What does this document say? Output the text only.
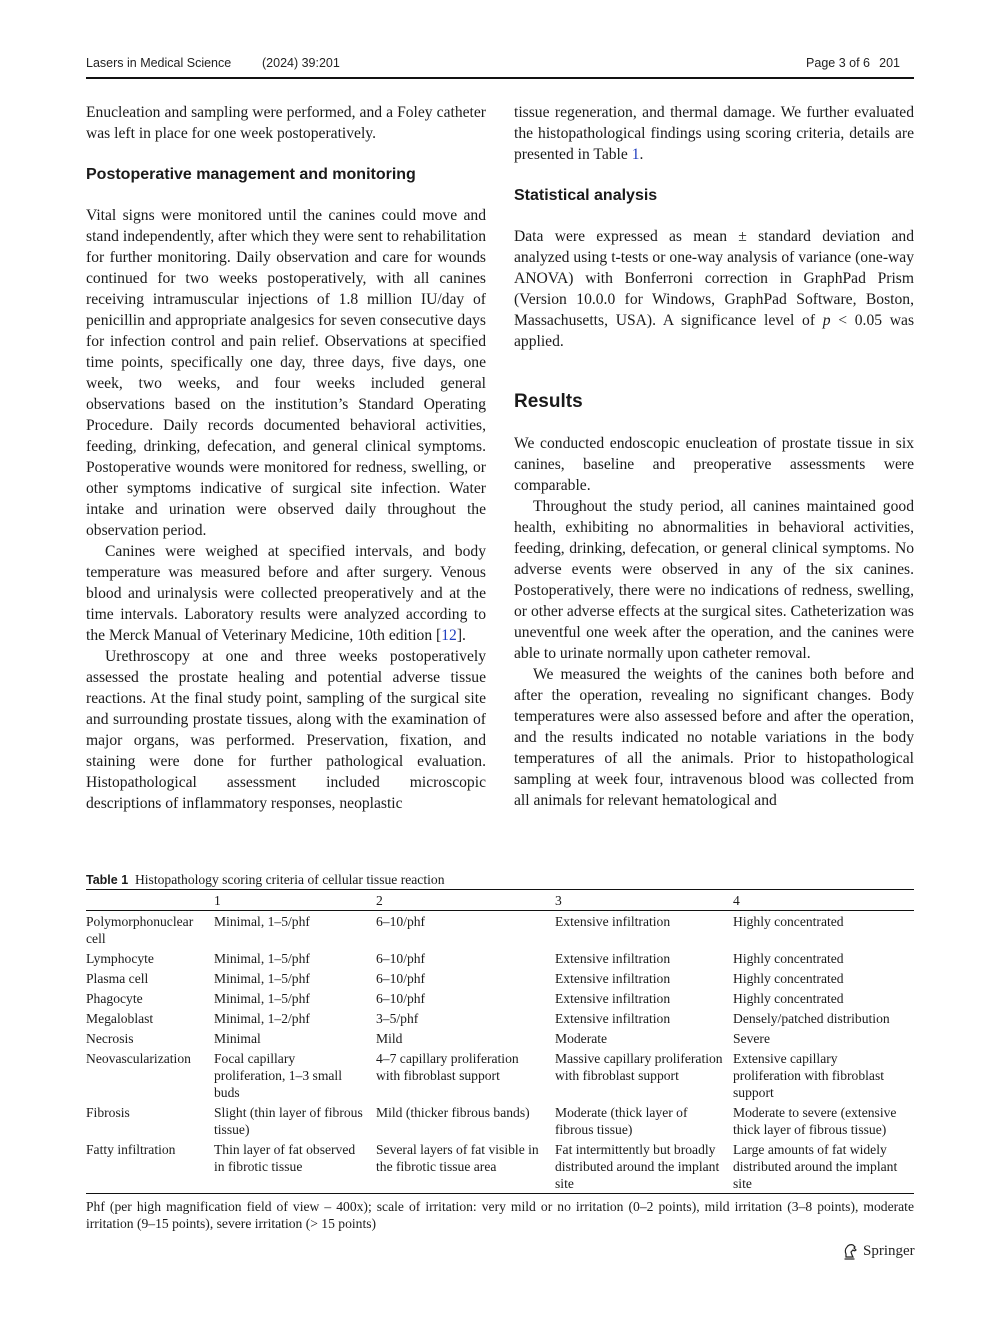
Lasers in Medical Science (2024) 39:201	Page 3 of 6 201

Enucleation and sampling were performed, and a Foley catheter was left in place for one week postoperatively.

Postoperative management and monitoring

Vital signs were monitored until the canines could move and stand independently, after which they were sent to rehabilitation for further monitoring. Daily observation and care for wounds continued for two weeks postoperatively, with all canines receiving intramuscular injections of 1.8 million IU/day of penicillin and appropriate analgesics for seven consecutive days for infection control and pain relief. Observations at specified time points, specifically one day, three days, five days, one week, two weeks, and four weeks included general observations based on the institution’s Standard Operating Procedure. Daily records documented behavioral activities, feeding, drinking, defecation, and general clinical symptoms. Postoperative wounds were monitored for redness, swelling, or other symptoms indicative of surgical site infection. Water intake and urination were observed daily throughout the observation period.

Canines were weighed at specified intervals, and body temperature was measured before and after surgery. Venous blood and urinalysis were collected preoperatively and at the time intervals. Laboratory results were analyzed according to the Merck Manual of Veterinary Medicine, 10th edition [12].

Urethroscopy at one and three weeks postoperatively assessed the prostate healing and potential adverse tissue reactions. At the final study point, sampling of the surgical site and surrounding prostate tissues, along with the examination of major organs, was performed. Preservation, fixation, and staining were done for further pathological evaluation. Histopathological assessment included microscopic descriptions of inflammatory responses, neoplastic

tissue regeneration, and thermal damage. We further evaluated the histopathological findings using scoring criteria, details are presented in Table 1.

Statistical analysis

Data were expressed as mean ± standard deviation and analyzed using t-tests or one-way analysis of variance (one-way ANOVA) with Bonferroni correction in GraphPad Prism (Version 10.0.0 for Windows, GraphPad Software, Boston, Massachusetts, USA). A significance level of p < 0.05 was applied.

Results

We conducted endoscopic enucleation of prostate tissue in six canines, baseline and preoperative assessments were comparable.

Throughout the study period, all canines maintained good health, exhibiting no abnormalities in behavioral activities, feeding, drinking, defecation, or general clinical symptoms. No adverse events were observed in any of the six canines. Postoperatively, there were no indications of redness, swelling, or other adverse effects at the surgical sites. Catheterization was uneventful one week after the operation, and the canines were able to urinate normally upon catheter removal.

We measured the weights of the canines both before and after the operation, revealing no significant changes. Body temperatures were also assessed before and after the operation, and the results indicated no notable variations in the body temperatures of all the animals. Prior to histopathological sampling at week four, intravenous blood was collected from all animals for relevant hematological and

Table 1 Histopathology scoring criteria of cellular tissue reaction
	1	2	3	4
Polymorphonuclear cell	Minimal, 1–5/phf	6–10/phf	Extensive infiltration	Highly concentrated
Lymphocyte	Minimal, 1–5/phf	6–10/phf	Extensive infiltration	Highly concentrated
Plasma cell	Minimal, 1–5/phf	6–10/phf	Extensive infiltration	Highly concentrated
Phagocyte	Minimal, 1–5/phf	6–10/phf	Extensive infiltration	Highly concentrated
Megaloblast	Minimal, 1–2/phf	3–5/phf	Extensive infiltration	Densely/patched distribution
Necrosis	Minimal	Mild	Moderate	Severe
Neovascularization	Focal capillary proliferation, 1–3 small buds	4–7 capillary proliferation with fibroblast support	Massive capillary proliferation with fibroblast support	Extensive capillary proliferation with fibroblast support
Fibrosis	Slight (thin layer of fibrous tissue)	Mild (thicker fibrous bands)	Moderate (thick layer of fibrous tissue)	Moderate to severe (extensive thick layer of fibrous tissue)
Fatty infiltration	Thin layer of fat observed in fibrotic tissue	Several layers of fat visible in the fibrotic tissue area	Fat intermittently but broadly distributed around the implant site	Large amounts of fat widely distributed around the implant site
Phf (per high magnification field of view – 400x); scale of irritation: very mild or no irritation (0–2 points), mild irritation (3–8 points), moderate irritation (9–15 points), severe irritation (> 15 points)
Springer
